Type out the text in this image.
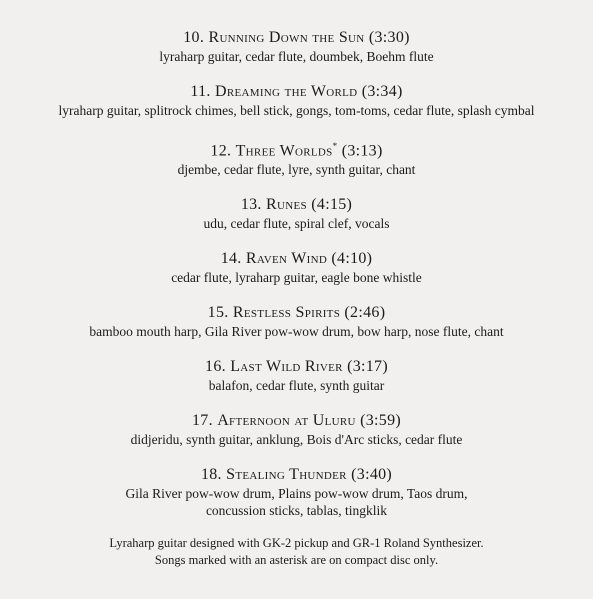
10. Running Down the Sun (3:30)
lyraharp guitar, cedar flute, doumbek, Boehm flute
11. Dreaming the World (3:34)
lyraharp guitar, splitrock chimes, bell stick, gongs, tom-toms, cedar flute, splash cymbal
12. Three Worlds* (3:13)
djembe, cedar flute, lyre, synth guitar, chant
13. Runes (4:15)
udu, cedar flute, spiral clef, vocals
14. Raven Wind (4:10)
cedar flute, lyraharp guitar, eagle bone whistle
15. Restless Spirits (2:46)
bamboo mouth harp, Gila River pow-wow drum, bow harp, nose flute, chant
16. Last Wild River (3:17)
balafon, cedar flute, synth guitar
17. Afternoon at Uluru (3:59)
didjeridu, synth guitar, anklung, Bois d'Arc sticks, cedar flute
18. Stealing Thunder (3:40)
Gila River pow-wow drum, Plains pow-wow drum, Taos drum,
concussion sticks, tablas, tingklik
Lyraharp guitar designed with GK-2 pickup and GR-1 Roland Synthesizer.
Songs marked with an asterisk are on compact disc only.
